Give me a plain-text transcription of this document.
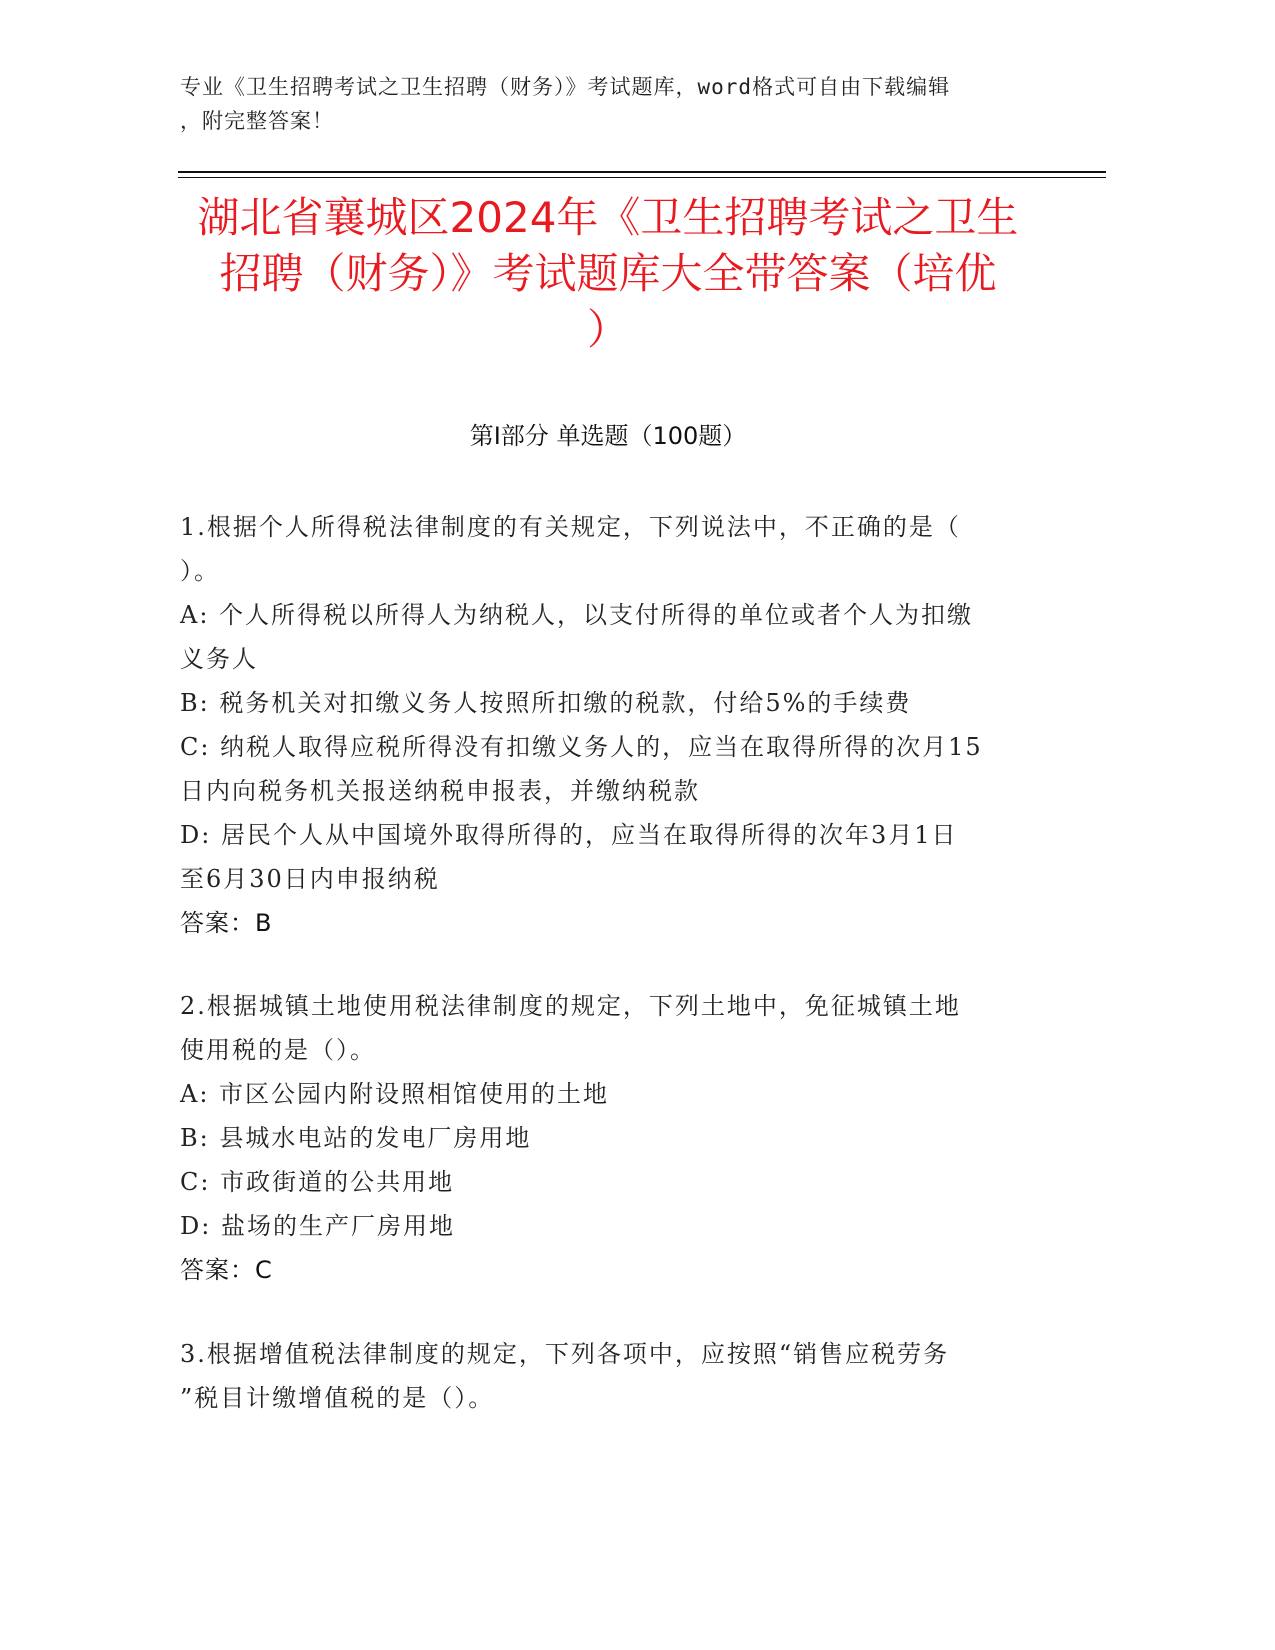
专业《卫生招聘考试之卫生招聘（财务）》考试题库，word格式可自由下载编辑
，附完整答案！
湖北省襄城区2024年《卫生招聘考试之卫生
招聘（财务）》考试题库大全带答案（培优
）
第I部分 单选题（100题）

1.根据个人所得税法律制度的有关规定，下列说法中，不正确的是（

）。

A: 个人所得税以所得人为纳税人，以支付所得的单位或者个人为扣缴

义务人

B: 税务机关对扣缴义务人按照所扣缴的税款，付给5%的手续费

C: 纳税人取得应税所得没有扣缴义务人的，应当在取得所得的次月15

日内向税务机关报送纳税申报表，并缴纳税款

D: 居民个人从中国境外取得所得的，应当在取得所得的次年3月1日

至6月30日内申报纳税

答案：B

2.根据城镇土地使用税法律制度的规定，下列土地中，免征城镇土地

使用税的是（）。

A: 市区公园内附设照相馆使用的土地

B: 县城水电站的发电厂房用地

C: 市政街道的公共用地

D: 盐场的生产厂房用地

答案：C

3.根据增值税法律制度的规定，下列各项中，应按照“销售应税劳务

”税目计缴增值税的是（）。
